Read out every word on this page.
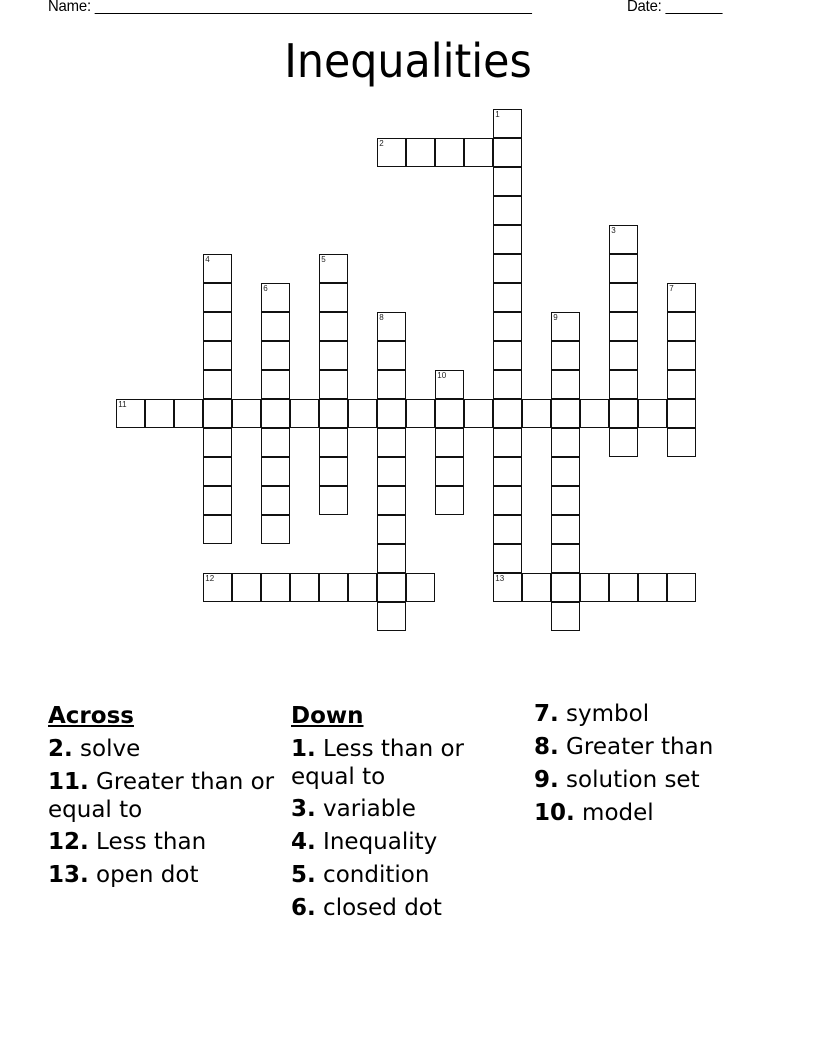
Name: ______________________________________________________	Date: _______
Inequalities
1
13
2
3
4	5
6	7
8	9
10
11
12
Across
2. solve
11. Greater than or equal to
12. Less than
13. open dot
Down
1. Less than or equal to
3. variable
4. Inequality
5. condition
6. closed dot
7. symbol
8. Greater than
9. solution set
10. model
